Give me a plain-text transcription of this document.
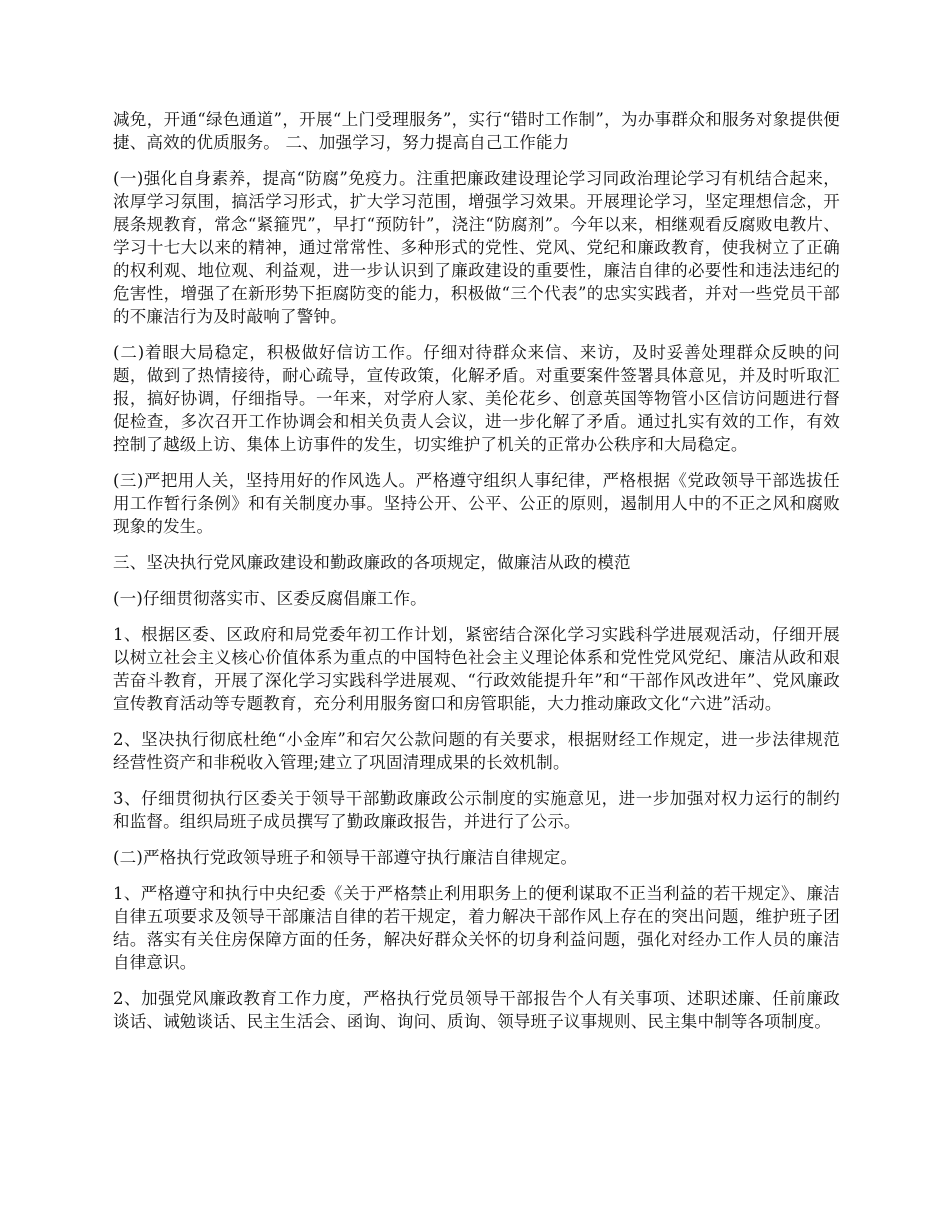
减免，开通“绿色通道”，开展“上门受理服务”，实行“错时工作制”，为办事群众和服务对象提供便捷、高效的优质服务。 二、加强学习，努力提高自己工作能力

(一)强化自身素养，提高“防腐”免疫力。注重把廉政建设理论学习同政治理论学习有机结合起来，浓厚学习氛围，搞活学习形式，扩大学习范围，增强学习效果。开展理论学习，坚定理想信念，开展条规教育，常念“紧箍咒”，早打“预防针”，浇注“防腐剂”。今年以来，相继观看反腐败电教片、学习十七大以来的精神，通过常常性、多种形式的党性、党风、党纪和廉政教育，使我树立了正确的权利观、地位观、利益观，进一步认识到了廉政建设的重要性，廉洁自律的必要性和违法违纪的危害性，增强了在新形势下拒腐防变的能力，积极做“三个代表”的忠实实践者，并对一些党员干部的不廉洁行为及时敲响了警钟。

(二)着眼大局稳定，积极做好信访工作。仔细对待群众来信、来访，及时妥善处理群众反映的问题，做到了热情接待，耐心疏导，宣传政策，化解矛盾。对重要案件签署具体意见，并及时听取汇报，搞好协调，仔细指导。一年来，对学府人家、美伦花乡、创意英国等物管小区信访问题进行督促检查，多次召开工作协调会和相关负责人会议，进一步化解了矛盾。通过扎实有效的工作，有效控制了越级上访、集体上访事件的发生，切实维护了机关的正常办公秩序和大局稳定。

(三)严把用人关，坚持用好的作风选人。严格遵守组织人事纪律，严格根据《党政领导干部选拔任用工作暂行条例》和有关制度办事。坚持公开、公平、公正的原则，遏制用人中的不正之风和腐败现象的发生。

三、坚决执行党风廉政建设和勤政廉政的各项规定，做廉洁从政的模范

(一)仔细贯彻落实市、区委反腐倡廉工作。

1、根据区委、区政府和局党委年初工作计划，紧密结合深化学习实践科学进展观活动，仔细开展以树立社会主义核心价值体系为重点的中国特色社会主义理论体系和党性党风党纪、廉洁从政和艰苦奋斗教育，开展了深化学习实践科学进展观、“行政效能提升年”和“干部作风改进年”、党风廉政宣传教育活动等专题教育，充分利用服务窗口和房管职能，大力推动廉政文化“六进”活动。

2、坚决执行彻底杜绝“小金库”和宕欠公款问题的有关要求，根据财经工作规定，进一步法律规范经营性资产和非税收入管理;建立了巩固清理成果的长效机制。

3、仔细贯彻执行区委关于领导干部勤政廉政公示制度的实施意见，进一步加强对权力运行的制约和监督。组织局班子成员撰写了勤政廉政报告，并进行了公示。

(二)严格执行党政领导班子和领导干部遵守执行廉洁自律规定。

1、严格遵守和执行中央纪委《关于严格禁止利用职务上的便利谋取不正当利益的若干规定》、廉洁自律五项要求及领导干部廉洁自律的若干规定，着力解决干部作风上存在的突出问题，维护班子团结。落实有关住房保障方面的任务，解决好群众关怀的切身利益问题，强化对经办工作人员的廉洁自律意识。

2、加强党风廉政教育工作力度，严格执行党员领导干部报告个人有关事项、述职述廉、任前廉政谈话、诫勉谈话、民主生活会、函询、询问、质询、领导班子议事规则、民主集中制等各项制度。
